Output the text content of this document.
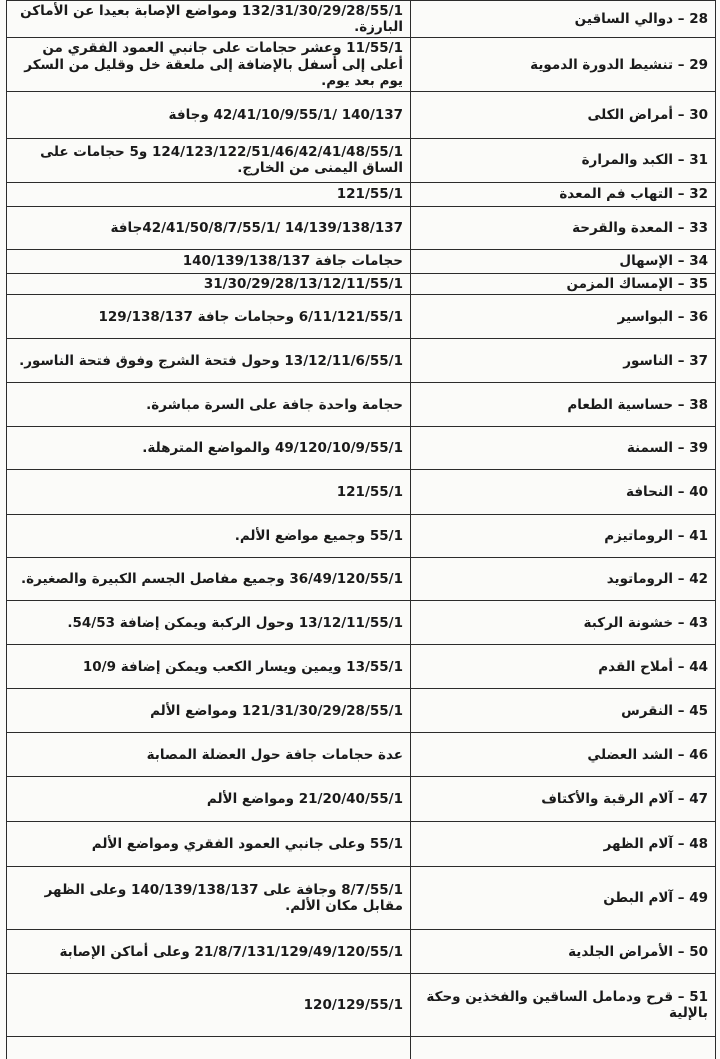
28 – دوالي الساقين	132/31/30/29/28/55/1 ومواضع الإصابة بعيدا عن الأماكن البارزة.
29 – تنشيط الدورة الدموية	11/55/1 وعشر حجامات على جانبي العمود الفقري من أعلى إلى أسفل بالإضافة إلى ملعقة خل وقليل من السكر يوم بعد يوم.
30 – أمراض الكلى	140/137 /42/41/10/9/55/1 وجافة
31 – الكبد والمرارة	124/123/122/51/46/42/41/48/55/1 و5 حجامات على الساق اليمنى من الخارج.
32 – التهاب فم المعدة	121/55/1
33 – المعدة والقرحة	14/139/138/137 /42/41/50/8/7/55/1جافة
34 – الإسهال	حجامات جافة 140/139/138/137
35 – الإمساك المزمن	31/30/29/28/13/12/11/55/1
36 – البواسير	6/11/121/55/1 وحجامات جافة 129/138/137
37 – الناسور	13/12/11/6/55/1 وحول فتحة الشرج وفوق فتحة الناسور.
38 – حساسية الطعام	حجامة واحدة جافة على السرة مباشرة.
39 – السمنة	49/120/10/9/55/1 والمواضع المترهلة.
40 – النحافة	121/55/1
41 – الروماتيزم	55/1 وجميع مواضع الألم.
42 – الروماتويد	36/49/120/55/1 وجميع مفاصل الجسم الكبيرة والصغيرة.
43 – خشونة الركبة	13/12/11/55/1 وحول الركبة ويمكن إضافة 54/53.
44 – أملاح القدم	13/55/1 ويمين ويسار الكعب ويمكن إضافة 10/9
45 – النقرس	121/31/30/29/28/55/1 ومواضع الألم
46 – الشد العضلي	عدة حجامات جافة حول العضلة المصابة
47 – آلام الرقبة والأكتاف	21/20/40/55/1 ومواضع الألم
48 – آلام الظهر	55/1 وعلى جانبي العمود الفقري ومواضع الألم
49 – آلام البطن	8/7/55/1 وجافة على 140/139/138/137 وعلى الظهر مقابل مكان الألم.
50 – الأمراض الجلدية	21/8/7/131/129/49/120/55/1 وعلى أماكن الإصابة
51 – قرح ودمامل الساقين والفخذين وحكة بالإلية	120/129/55/1
